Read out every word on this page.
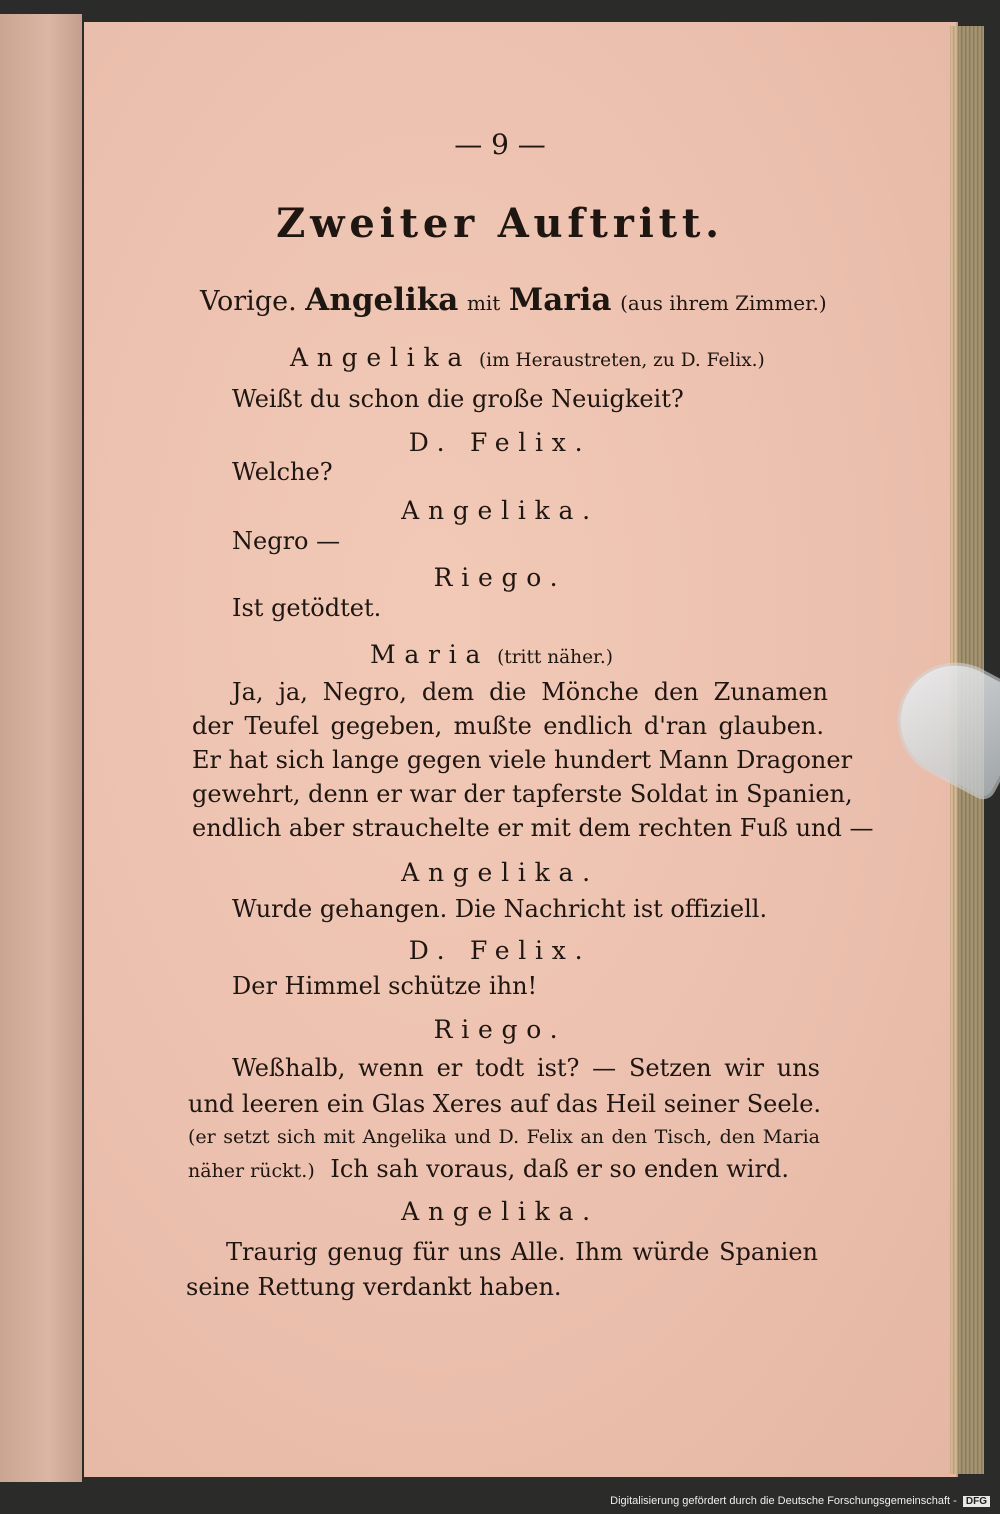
— 9 —
Zweiter Auftritt.
Vorige. Angelika mit Maria (aus ihrem Zimmer.)
Angelika (im Heraustreten, zu D. Felix.)
Weißt du schon die große Neuigkeit?
D. Felix.
Welche?
Angelika.
Negro —
Riego.
Ist getödtet.
Maria (tritt näher.)
Ja, ja, Negro, dem die Mönche den Zunamen
der Teufel gegeben, mußte endlich d'ran glauben.
Er hat sich lange gegen viele hundert Mann Dragoner
gewehrt, denn er war der tapferste Soldat in Spanien,
endlich aber strauchelte er mit dem rechten Fuß und —
Angelika.
Wurde gehangen. Die Nachricht ist offiziell.
D. Felix.
Der Himmel schütze ihn!
Riego.
Weßhalb, wenn er todt ist? — Setzen wir uns
und leeren ein Glas Xeres auf das Heil seiner Seele.
(er setzt sich mit Angelika und D. Felix an den Tisch, den Maria
näher rückt.) Ich sah voraus, daß er so enden wird.
Angelika.
Traurig genug für uns Alle. Ihm würde Spanien
seine Rettung verdankt haben.
Digitalisierung gefördert durch die Deutsche Forschungsgemeinschaft - DFG
